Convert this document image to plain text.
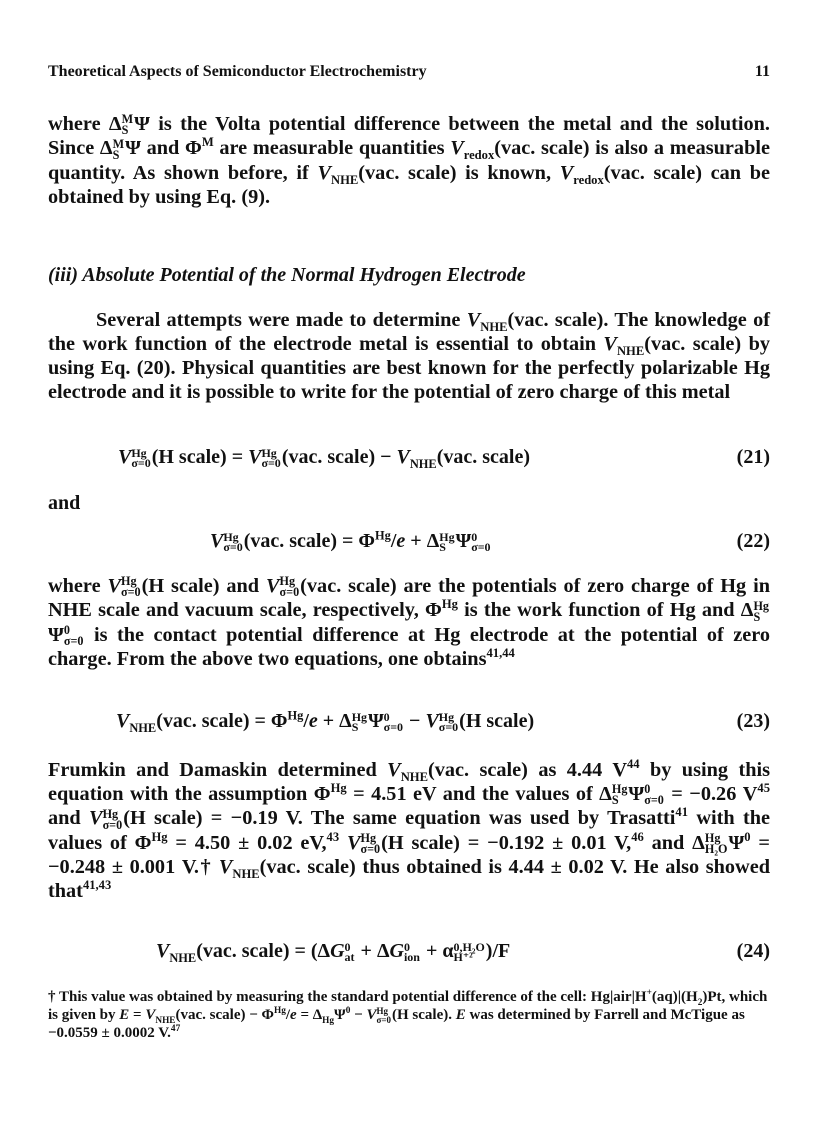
Theoretical Aspects of Semiconductor Electrochemistry	11

where Δ M
S Ψ is the Volta potential difference between the metal and the solution. Since Δ M
S Ψ and $\Phi^M$ are measurable quantities $V_{redox}(vac$. scale) is also a measurable quantity. As shown before, if $V_{NHE}(vac$. scale) is known, $V_{redox}(vac$. scale) can be obtained by using Eq. (9).

(iii) Absolute Potential of the Normal Hydrogen Electrode

Several attempts were made to determine $V_{NHE}(vac$. scale). The knowledge of the work function of the electrode metal is essential to obtain $V_{NHE}(vac$. scale) by using Eq. (20). Physical quantities are best known for the perfectly polarizable Hg electrode and it is possible to write for the potential of zero charge of this metal

V Hg
σ=0 (H scale) = V Hg
σ=0 (vac. scale) − $V_{NHE}(vac$. scale)	(21)
and
V Hg
σ=0 (vac. scale) = $\Phi^{Hg}/e + \Delta$ Hg
S Ψ 0
σ=0	(22)

where V Hg
σ=0 (H scale) and V Hg
σ=0 (vac. scale) are the potentials of zero charge of Hg in NHE scale and vacuum scale, respectively, $\Phi^{Hg}$ is the work function of Hg and Δ Hg
S
Ψ 0
σ=0 is the contact potential difference at Hg electrode at the potential of zero charge. From the above two equations, one obtains$^{41,44}$

$V_{NHE}(vac$. scale) = $\Phi^{Hg}/e + \Delta$ Hg
S Ψ 0
σ=0 − V Hg
σ=0 (H scale)	(23)

Frumkin and Damaskin determined $V_{NHE}(vac$. scale) as 4.44 $V^{44}$ by using this equation with the assumption $\Phi^{Hg} = 4.51$ eV and the values of Δ Hg
S Ψ 0
σ=0 = −0.26 $V^{45}$ and V Hg
σ=0 (H scale) = −0.19 V. The same equation was used by Trasatti$^{41}$ with the values of $\Phi^{Hg} = 4.50 \pm 0.02$ eV,$^{43}$ V Hg
σ=0 (H scale) = −0.192 ± 0.01 V,$^{46}$ and Δ Hg
H₂O $\Psi^0 = -0.248 \pm 0.001$ V.† $V_{NHE}(vac$. scale) thus obtained is 4.44 ± 0.02 V. He also showed that$^{41,43}$

$V_{NHE}(vac$. scale) = (ΔG 0
at + ΔG 0
ion + α 0,H₂O
H⁺² )/F	(24)
† This value was obtained by measuring the standard potential difference of the cell: $Hg|air|H^+(aq)|(H_2)Pt$, which is given by $E = V_{NHE}(vac$. scale) − $\Phi^{Hg}/e = \Delta_{Hg}\Psi^0 - V$ Hg
σ=0 (H scale). E was determined by Farrell and McTigue as −0.0559 ± 0.0002 V.$^{47}$
